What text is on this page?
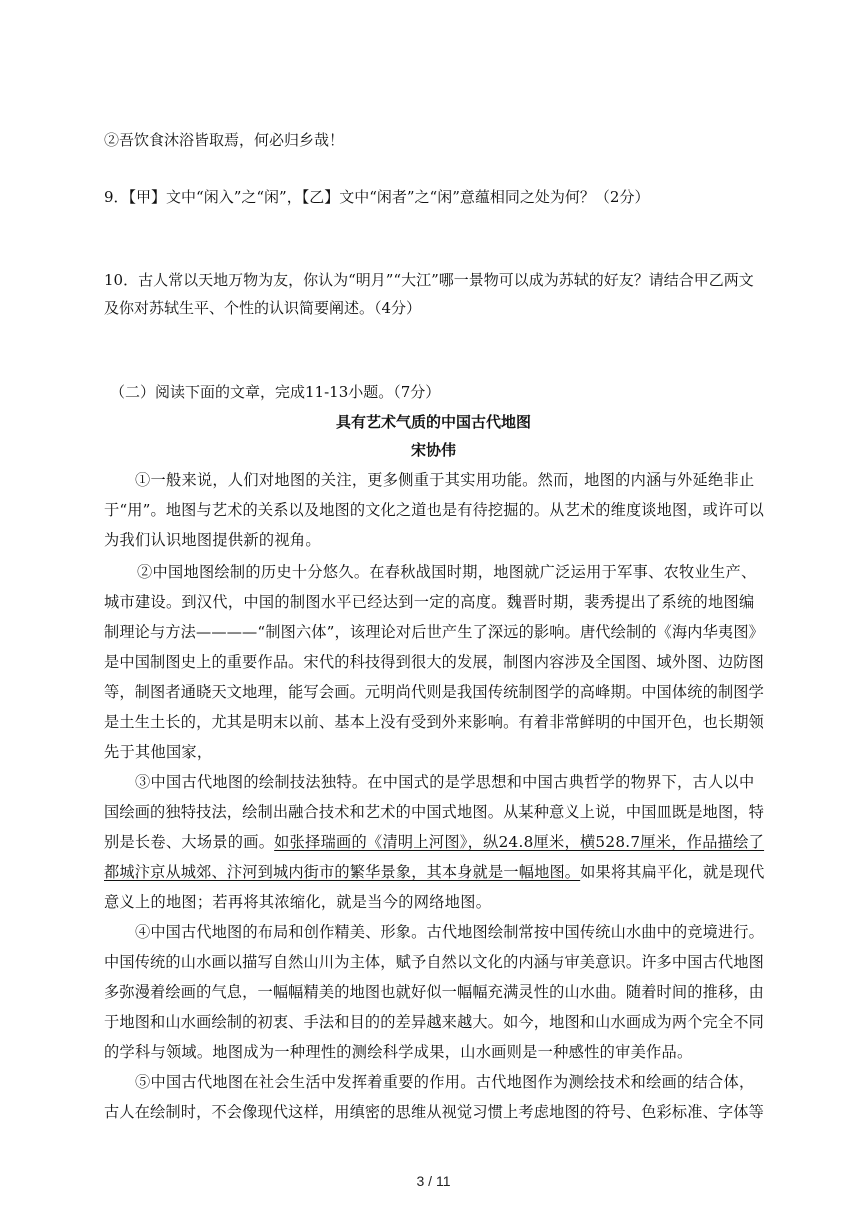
②吾饮食沐浴皆取焉，何必归乡哉！
9．【甲】文中“闲入”之“闲”，【乙】文中“闲者”之“闲”意蕴相同之处为何？（2分）
10．古人常以天地万物为友，你认为“明月”“大江”哪一景物可以成为苏轼的好友？请结合甲乙两文
及你对苏轼生平、个性的认识简要阐述。（4分）
（二）阅读下面的文章，完成11-13小题。（7分）
具有艺术气质的中国古代地图
宋协伟
①一般来说，人们对地图的关注，更多侧重于其实用功能。然而，地图的内涵与外延绝非止
于“用”。地图与艺术的关系以及地图的文化之道也是有待挖掘的。从艺术的维度谈地图，或许可以
为我们认识地图提供新的视角。
②中国地图绘制的历史十分悠久。在春秋战国时期，地图就广泛运用于军事、农牧业生产、
城市建设。到汉代，中国的制图水平已经达到一定的高度。魏晋时期，裴秀提出了系统的地图编
制理论与方法————“制图六体”，该理论对后世产生了深远的影响。唐代绘制的《海内华夷图》
是中国制图史上的重要作品。宋代的科技得到很大的发展，制图内容涉及全国图、域外图、边防图
等，制图者通晓天文地理，能写会画。元明尚代则是我国传统制图学的高峰期。中国体统的制图学
是土生土长的，尤其是明末以前、基本上没有受到外来影响。有着非常鲜明的中国开色，也长期领
先于其他国家，
③中国古代地图的绘制技法独特。在中国式的是学思想和中国古典哲学的物界下，古人以中
国绘画的独特技法，绘制出融合技术和艺术的中国式地图。从某种意义上说，中国皿既是地图，特
别是长卷、大场景的画。如张择瑞画的《清明上河图》，纵24.8厘米，横528.7厘米，作品描绘了
都城汴京从城郊、汴河到城内街市的繁华景象，其本身就是一幅地图。如果将其扁平化，就是现代
意义上的地图；若再将其浓缩化，就是当今的网络地图。
④中国古代地图的布局和创作精美、形象。古代地图绘制常按中国传统山水曲中的竞境进行。
中国传统的山水画以描写自然山川为主体，赋予自然以文化的内涵与审美意识。许多中国古代地图
多弥漫着绘画的气息，一幅幅精美的地图也就好似一幅幅充满灵性的山水曲。随着时间的推移，由
于地图和山水画绘制的初衷、手法和目的的差异越来越大。如今，地图和山水画成为两个完全不同
的学科与领域。地图成为一种理性的测绘科学成果，山水画则是一种感性的审美作品。
⑤中国古代地图在社会生活中发挥着重要的作用。古代地图作为测绘技术和绘画的结合体，
古人在绘制时，不会像现代这样，用缜密的思维从视觉习惯上考虑地图的符号、色彩标准、字体等
3 / 11
